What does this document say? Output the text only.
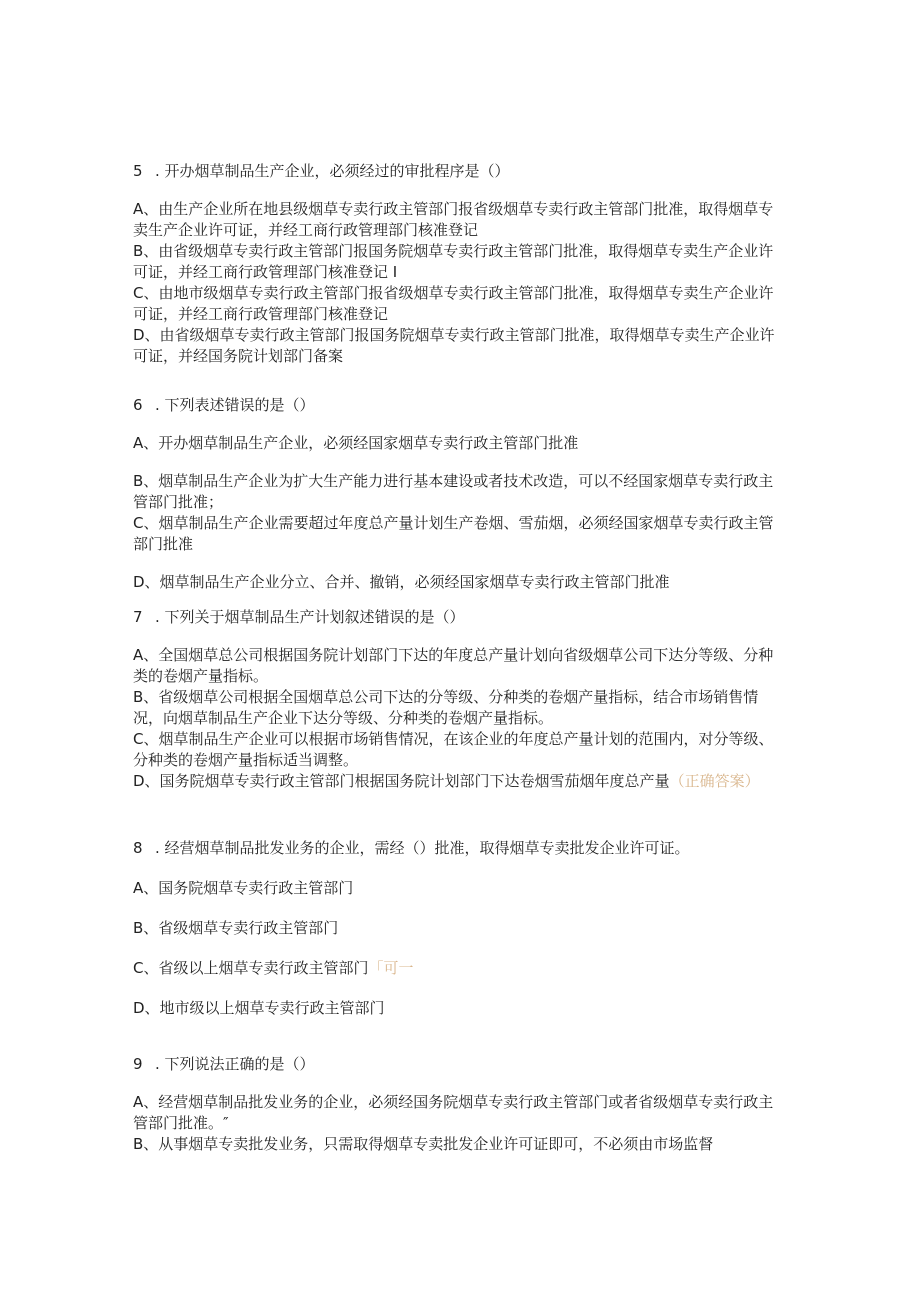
5 . 开办烟草制品生产企业，必须经过的审批程序是（）

A、由生产企业所在地县级烟草专卖行政主管部门报省级烟草专卖行政主管部门批准，取得烟草专卖生产企业许可证，并经工商行政管理部门核准登记

B、由省级烟草专卖行政主管部门报国务院烟草专卖行政主管部门批准，取得烟草专卖生产企业许可证，并经工商行政管理部门核准登记 I

C、由地市级烟草专卖行政主管部门报省级烟草专卖行政主管部门批准，取得烟草专卖生产企业许可证，并经工商行政管理部门核准登记

D、由省级烟草专卖行政主管部门报国务院烟草专卖行政主管部门批准，取得烟草专卖生产企业许可证，并经国务院计划部门备案

6 . 下列表述错误的是（）

A、开办烟草制品生产企业，必须经国家烟草专卖行政主管部门批准

B、烟草制品生产企业为扩大生产能力进行基本建设或者技术改造，可以不经国家烟草专卖行政主管部门批准；

C、烟草制品生产企业需要超过年度总产量计划生产卷烟、雪茄烟，必须经国家烟草专卖行政主管部门批准

D、烟草制品生产企业分立、合并、撤销，必须经国家烟草专卖行政主管部门批准

7 . 下列关于烟草制品生产计划叙述错误的是（）

A、全国烟草总公司根据国务院计划部门下达的年度总产量计划向省级烟草公司下达分等级、分种类的卷烟产量指标。

B、省级烟草公司根据全国烟草总公司下达的分等级、分种类的卷烟产量指标，结合市场销售情况，向烟草制品生产企业下达分等级、分种类的卷烟产量指标。

C、烟草制品生产企业可以根据市场销售情况，在该企业的年度总产量计划的范围内，对分等级、分种类的卷烟产量指标适当调整。

D、国务院烟草专卖行政主管部门根据国务院计划部门下达卷烟雪茄烟年度总产量（正确答案）

8 . 经营烟草制品批发业务的企业，需经（）批准，取得烟草专卖批发企业许可证。

A、国务院烟草专卖行政主管部门

B、省级烟草专卖行政主管部门

C、省级以上烟草专卖行政主管部门「可一

D、地市级以上烟草专卖行政主管部门

9 . 下列说法正确的是（）

A、经营烟草制品批发业务的企业，必须经国务院烟草专卖行政主管部门或者省级烟草专卖行政主管部门批准。″

B、从事烟草专卖批发业务，只需取得烟草专卖批发企业许可证即可，不必须由市场监督
